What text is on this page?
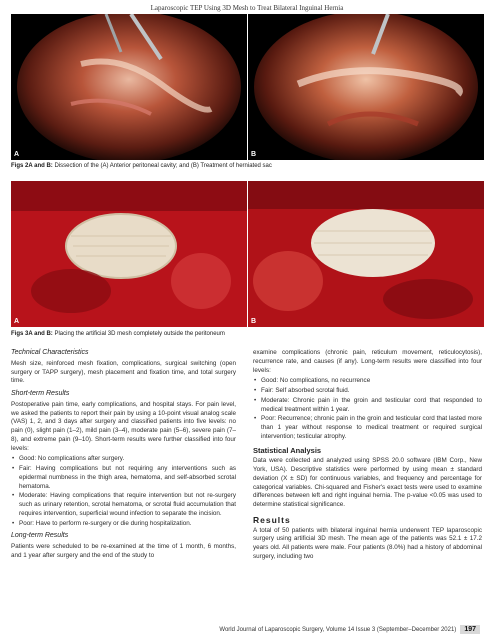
Laparoscopic TEP Using 3D Mesh to Treat Bilateral Inguinal Hernia
A	B
Figs 2A and B: Dissection of the (A) Anterior peritoneal cavity; and (B) Treatment of herniated sac
A	B
Figs 3A and B: Placing the artificial 3D mesh completely outside the peritoneum
Technical Characteristics

Mesh size, reinforced mesh fixation, complications, surgical switching (open surgery or TAPP surgery), mesh placement and fixation time, and total surgery time.

Short-term Results

Postoperative pain time, early complications, and hospital stays. For pain level, we asked the patients to report their pain by using a 10-point visual analog scale (VAS) 1, 2, and 3 days after surgery and classified patients into five levels: no pain (0), slight pain (1–2), mild pain (3–4), moderate pain (5–6), severe pain (7–8), and extreme pain (9–10). Short-term results were further classified into four levels:

• Good: No complications after surgery.
• Fair: Having complications but not requiring any interventions such as epidermal numbness in the thigh area, hematoma, and self-absorbed scrotal hematoma.
• Moderate: Having complications that require intervention but not re-surgery such as urinary retention, scrotal hematoma, or scrotal fluid accumulation that requires intervention, superficial wound infection to separate the incision.
• Poor: Have to perform re-surgery or die during hospitalization.
Long-term Results

Patients were scheduled to be re-examined at the time of 1 month, 6 months, and 1 year after surgery and the end of the study to

examine complications (chronic pain, reticulum movement, reticulocytosis), recurrence rate, and causes (if any). Long-term results were classified into four levels:

• Good: No complications, no recurrence
• Fair: Self absorbed scrotal fluid.
• Moderate: Chronic pain in the groin and testicular cord that responded to medical treatment within 1 year.
• Poor: Recurrence; chronic pain in the groin and testicular cord that lasted more than 1 year without response to medical treatment or required surgical intervention; testicular atrophy.
Statistical Analysis

Data were collected and analyzed using SPSS 20.0 software (IBM Corp., New York, USA). Descriptive statistics were performed by using mean ± standard deviation (X ± SD) for continuous variables, and frequency and percentage for categorical variables. Chi-squared and Fisher's exact tests were used to examine differences between left and right inguinal hernia. The p-value <0.05 was used to determine statistical significance.

Results

A total of 50 patients with bilateral inguinal hernia underwent TEP laparoscopic surgery using artificial 3D mesh. The mean age of the patients was 52.1 ± 17.2 years old. All patients were male. Four patients (8.0%) had a history of abdominal surgery, including two

World Journal of Laparoscopic Surgery, Volume 14 Issue 3 (September–December 2021)	197
